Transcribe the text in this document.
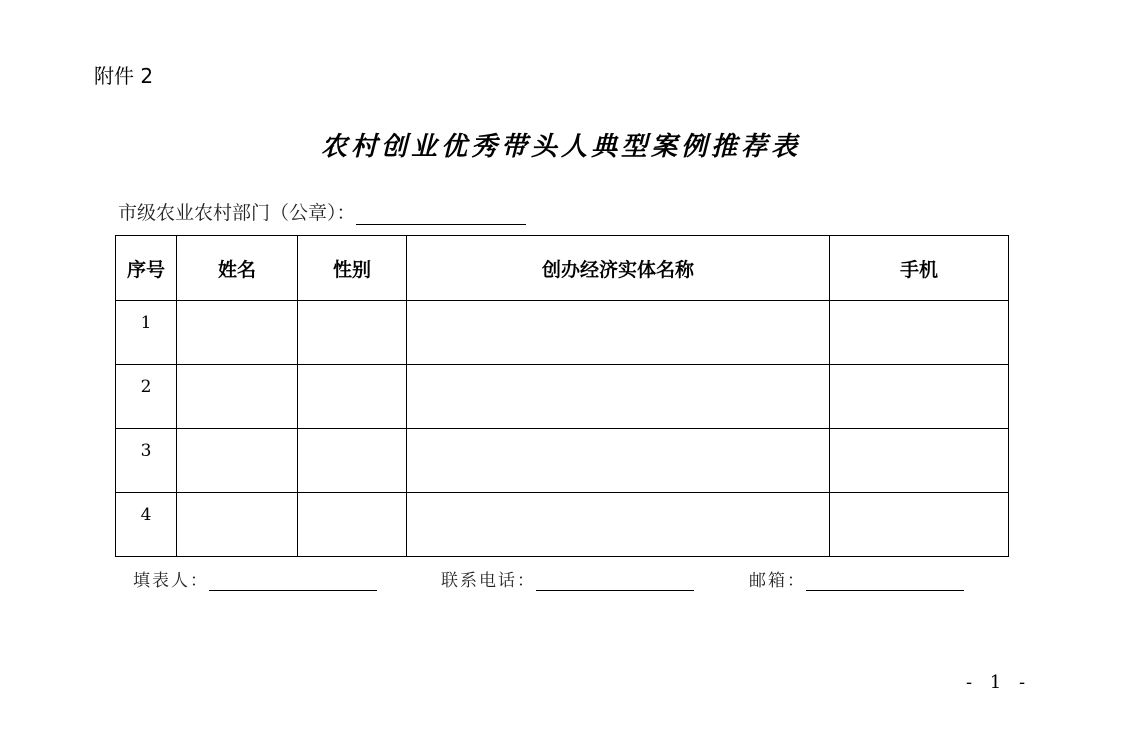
附件 2
农村创业优秀带头人典型案例推荐表
市级农业农村部门（公章）：
序号	姓名	性别	创办经济实体名称	手机
1				
2				
3				
4				
填表人：	联系电话：	邮箱：
- 1 -
